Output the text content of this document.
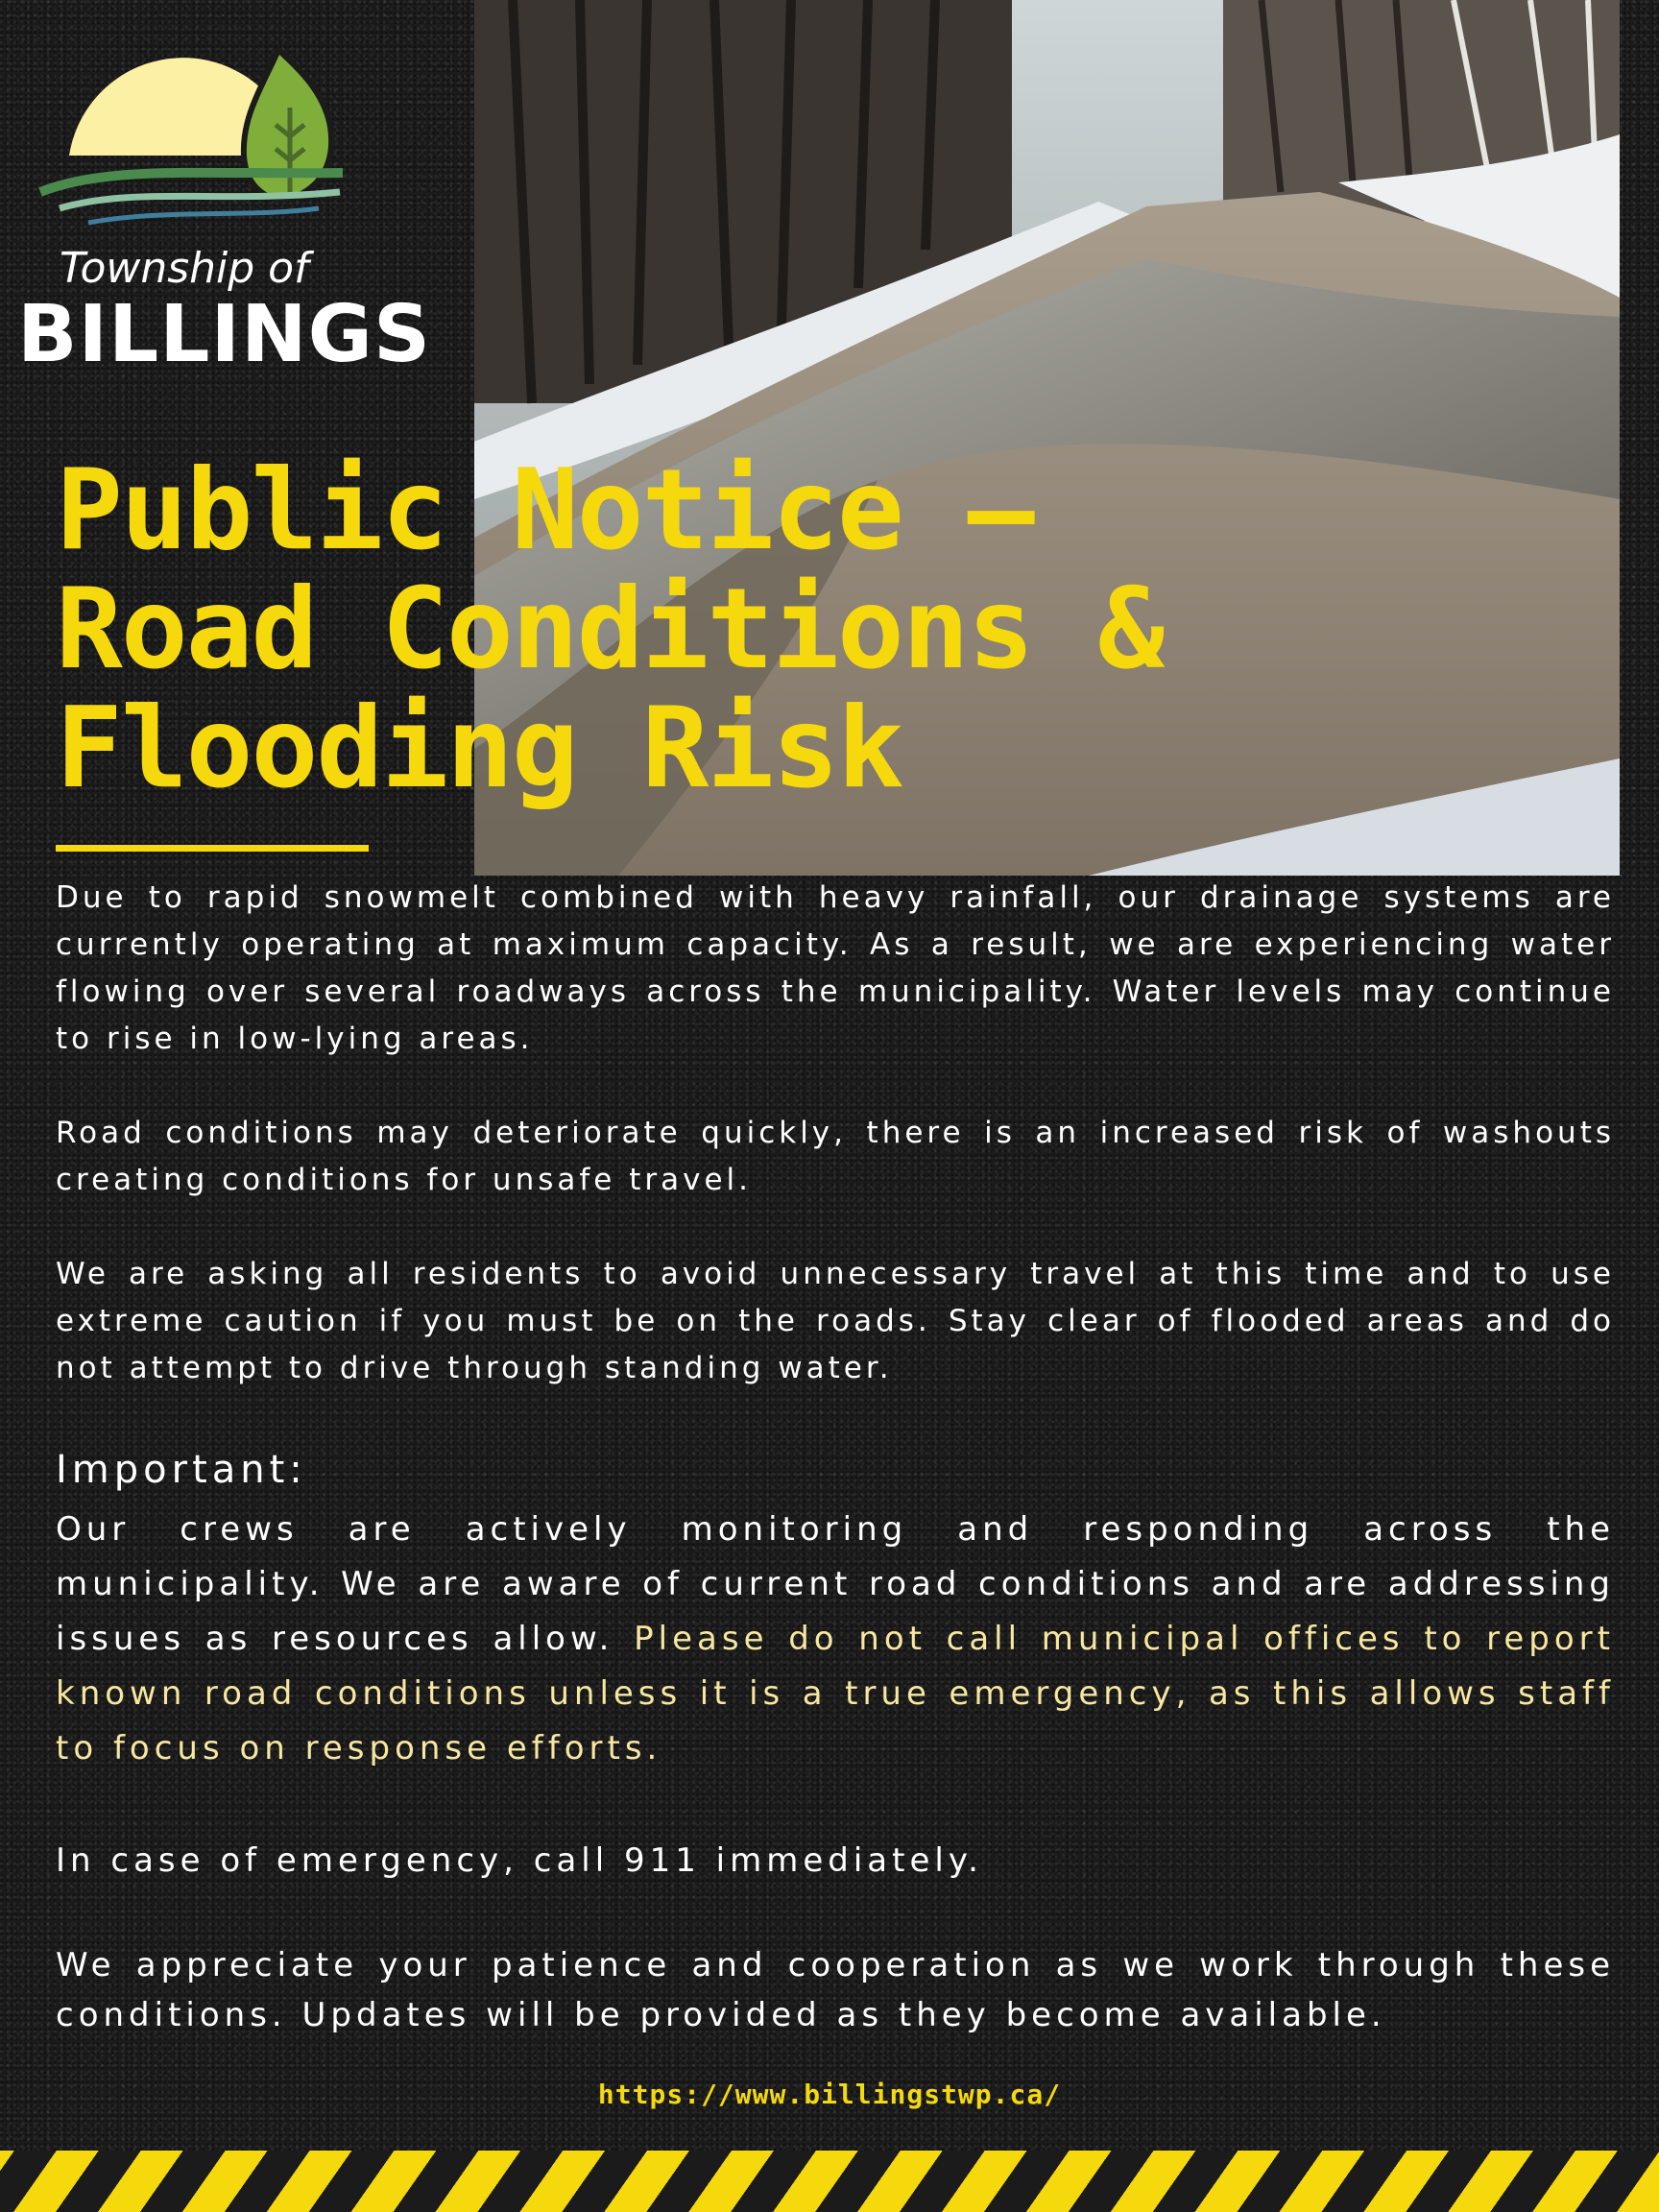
Township of
BILLINGS
Public Notice – Road Conditions & Flooding Risk

Due to rapid snowmelt combined with heavy rainfall, our drainage systems are currently operating at maximum capacity. As a result, we are experiencing water flowing over several roadways across the municipality. Water levels may continue to rise in low-lying areas.

Road conditions may deteriorate quickly, there is an increased risk of washouts creating conditions for unsafe travel.

We are asking all residents to avoid unnecessary travel at this time and to use extreme caution if you must be on the roads. Stay clear of flooded areas and do not attempt to drive through standing water.

Important:

Our crews are actively monitoring and responding across the municipality. We are aware of current road conditions and are addressing issues as resources allow. Please do not call municipal offices to report known road conditions unless it is a true emergency, as this allows staff to focus on response efforts.

In case of emergency, call 911 immediately.

We appreciate your patience and cooperation as we work through these conditions. Updates will be provided as they become available.

https://www.billingstwp.ca/
